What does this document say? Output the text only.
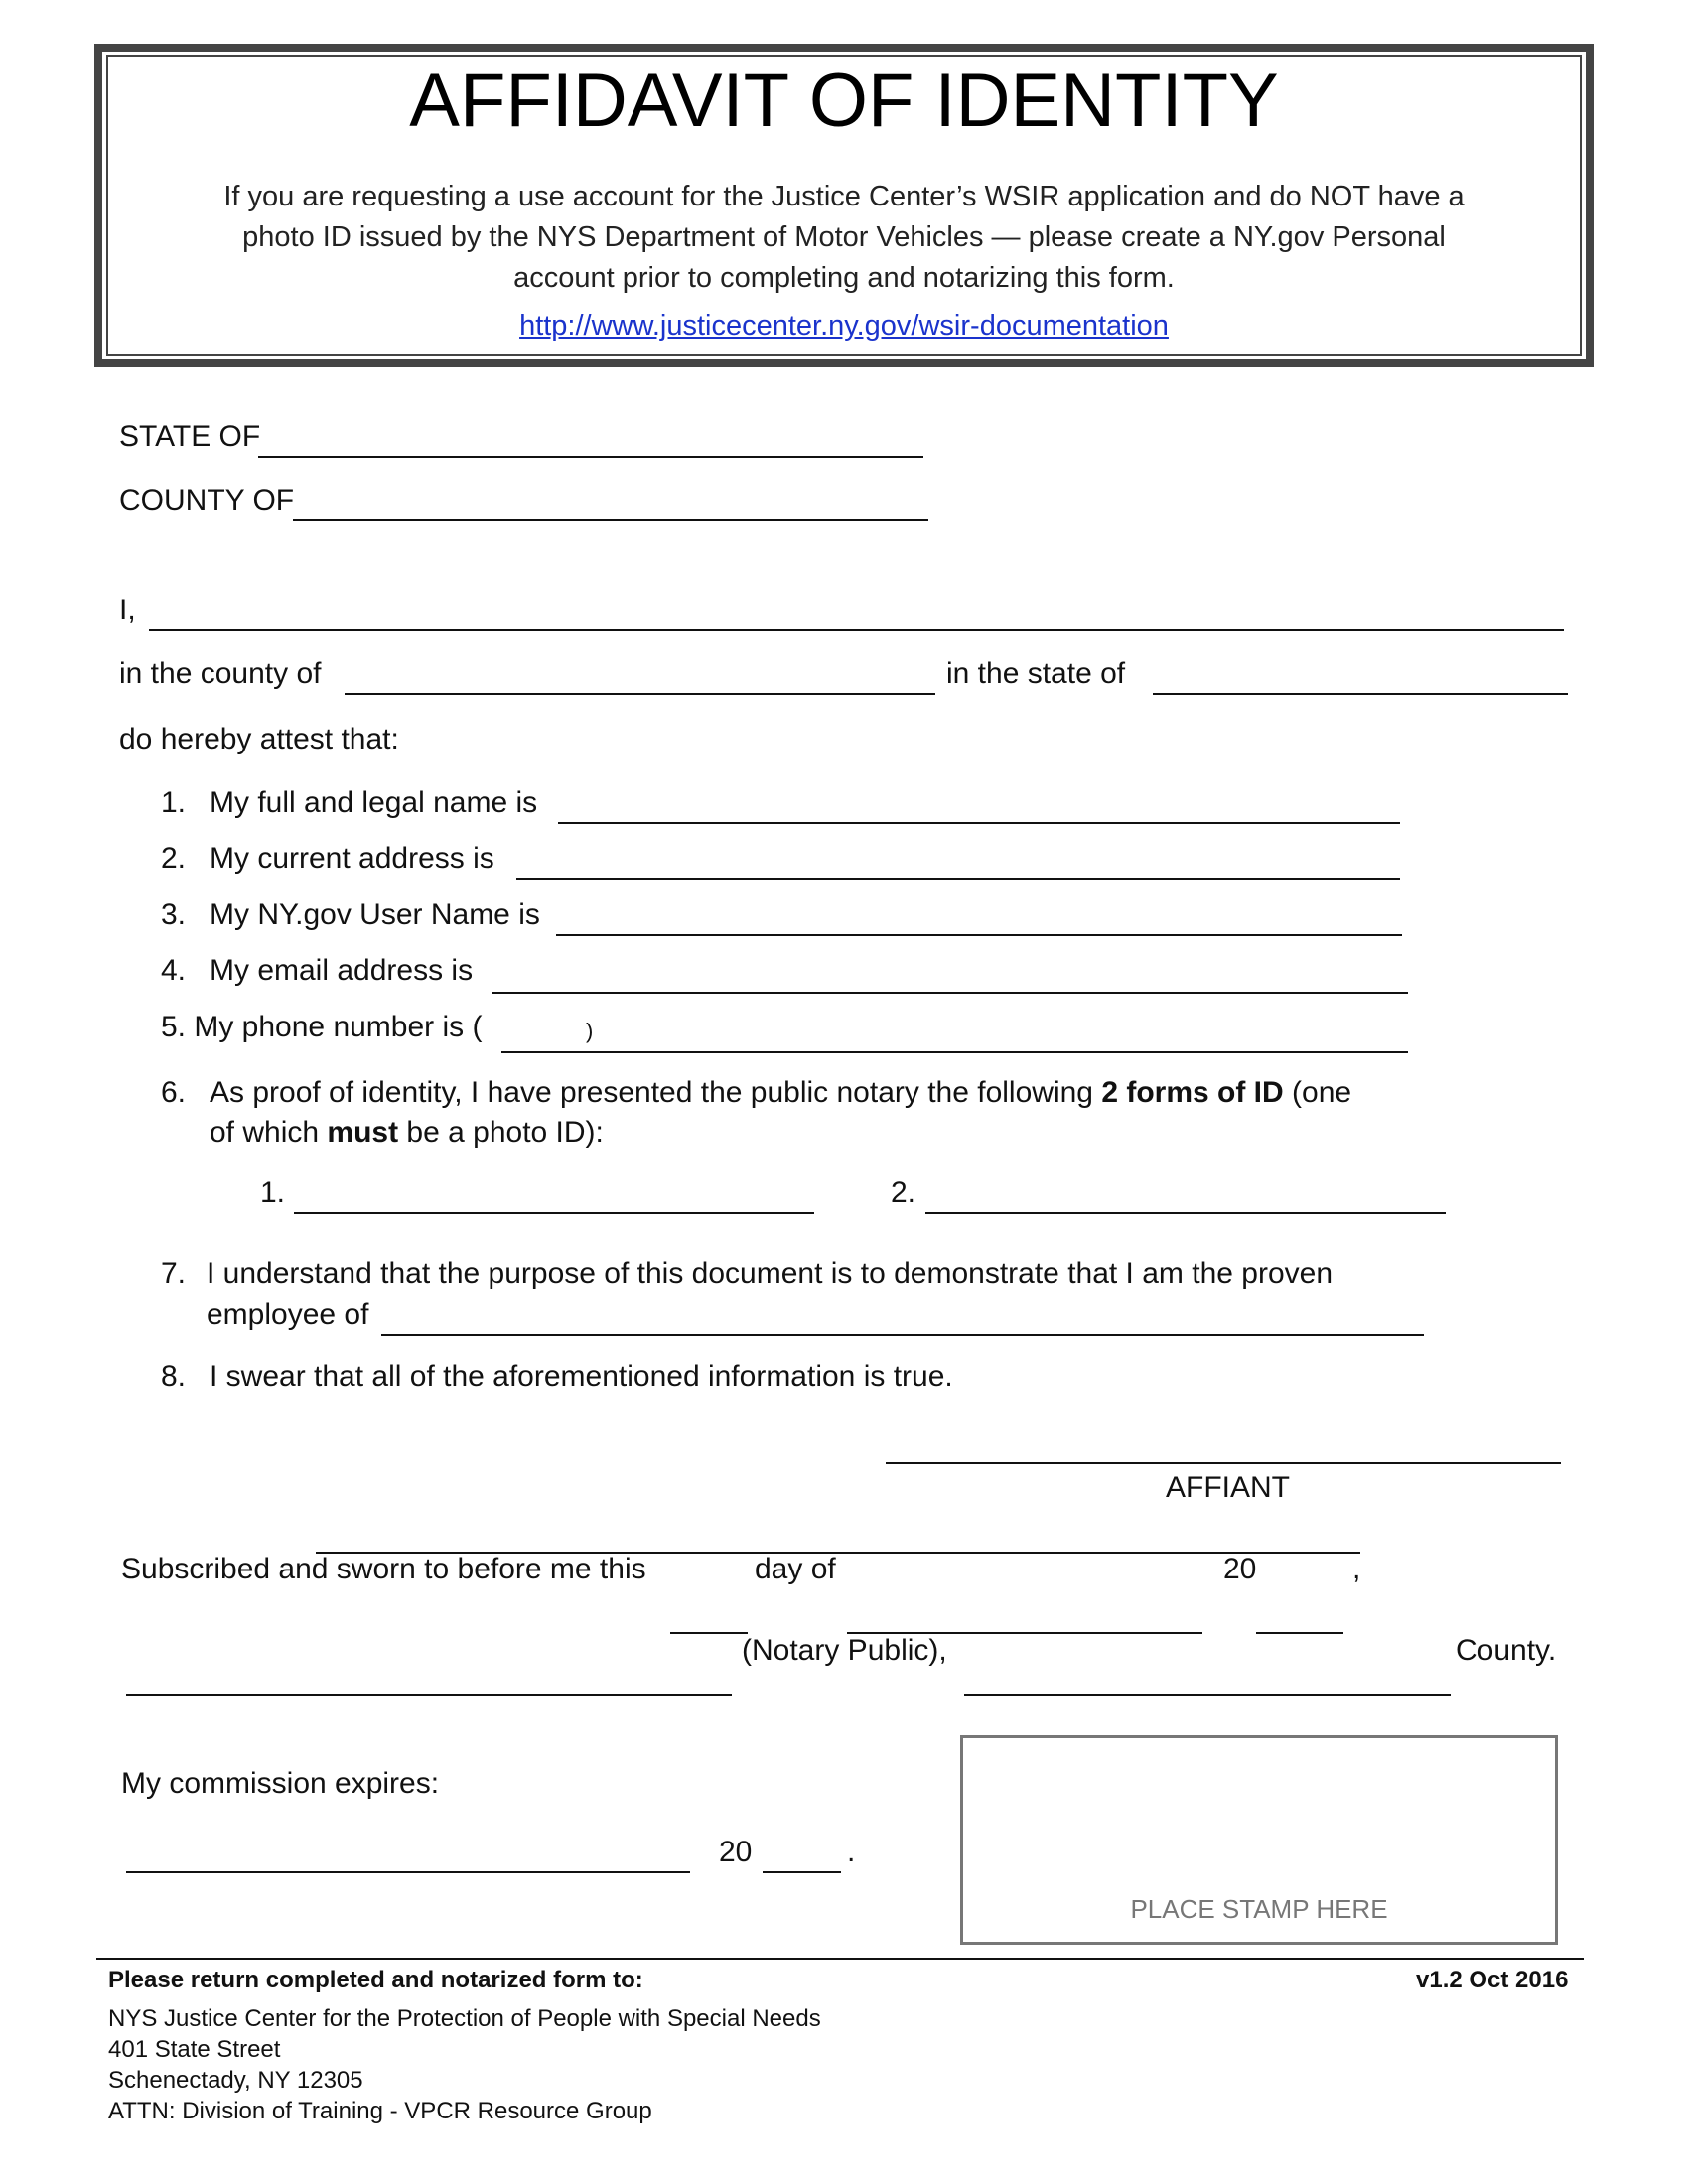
AFFIDAVIT OF IDENTITY
If you are requesting a use account for the Justice Center’s WSIR application and do NOT have a
photo ID issued by the NYS Department of Motor Vehicles — please create a NY.gov Personal
account prior to completing and notarizing this form.
http://www.justicecenter.ny.gov/wsir-documentation
STATE OF
COUNTY OF
I,
in the county of	in the state of
do hereby attest that:
1. My full and legal name is
2. My current address is
3. My NY.gov User Name is
4. My email address is
5. My phone number is (	)
6. As proof of identity, I have presented the public notary the following 2 forms of ID (one
of which must be a photo ID):
1.	2.
7. I understand that the purpose of this document is to demonstrate that I am the proven
employee of
8. I swear that all of the aforementioned information is true.
AFFIANT
Subscribed and sworn to before me this	day of	20	,
(Notary Public),	County.
My commission expires:
20	.
PLACE STAMP HERE
Please return completed and notarized form to:	v1.2 Oct 2016
NYS Justice Center for the Protection of People with Special Needs
401 State Street
Schenectady, NY 12305
ATTN: Division of Training - VPCR Resource Group
